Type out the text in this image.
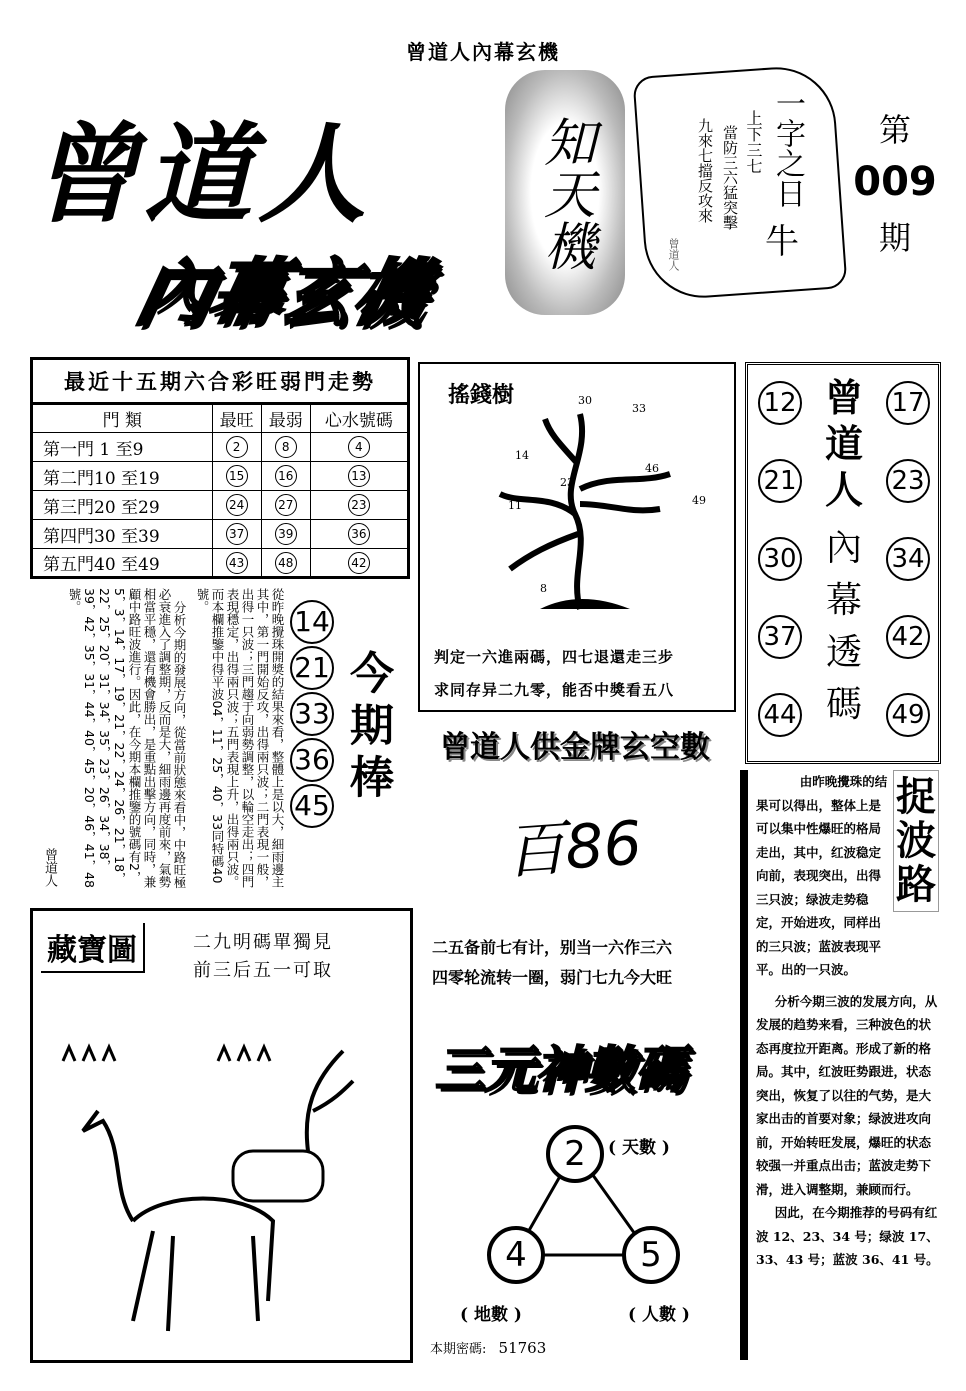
曾道人內幕玄機
曾道人
內幕玄機
知天機	一字之日
牛
上下三七
當防三六猛突擊
九來七擋反攻來
曾道人
第
009
期
最近十五期六合彩旺弱門走勢
門 類	最旺	最弱	心水號碼
第一門 1 至9	2	8	4
第二門10 至19	15	16	13
第三門20 至29	24	27	23
第四門30 至39	37	39	36
第五門40 至49	43	48	42

從昨晚攪珠開獎的結果來看，整體上是以大，細雨邊主其中，第一門開始反攻，出得兩只波；二門表現一般，出得一只波；三門趨于向弱勢調整，以輪空走出；四門表現穩定，出得兩只波；五門表現上升，出得兩只波。而本欄推鑒中得平波04，11，25，40，33同特碼40號。

分析今期的發展方向，從當前狀態來看中，中路旺極必衰進入了調整期，反而是大，細雨邊再度前來，氣勢相當平穩，還有機會勝出，是重點出擊方向，同時，兼顧中路旺波進行。因此，在今期本欄推鑒的號碼有2，5，3，14，17，19，21，22，24，26，21，18，22，25，20，31，34，35，23，26，34，38，39，42，35，31，44，40，45，20，46，41，48號。

曾道人
14
21
33
36
45 今期棒
搖錢樹	30
33
14
23
46
49
11
8
判定一六進兩碼，四七退還走三步
求同存异二九零，能否中獎看五八
12
21
30
37
44
17
23
34
42
49
曾
道
人
內
幕
透
碼
曾道人供金牌玄空數
百86
二五备前七有计，别当一六作三六
四零轮流转一圈，弱门七九今大旺
三元神數碼
2	( 天數 )
4
( 地數 )
5
( 人數 )
本期密碼: 51763
藏寶圖	二九明碼單獨見
前三后五一可取

由昨晚攪珠的结果可以得出，整体上是可以集中性爆旺的格局走出，其中，红波稳定向前，表现突出，出得三只波；绿波走势稳定，开始进攻，同样出的三只波；蓝波表现平平。出的一只波。

分析今期三波的发展方向，从发展的趋势来看，三种波色的状态再度拉开距离。形成了新的格局。其中，红波旺势跟进，状态突出，恢复了以往的气势，是大家出击的首要对象；绿波进攻向前，开始转旺发展，爆旺的状态较强一并重点出击；蓝波走势下滑，进入调整期，兼顾而行。

因此，在今期推荐的号码有红波 12、23、34 号；绿波 17、33、43 号；蓝波 36、41 号。

捉波路
